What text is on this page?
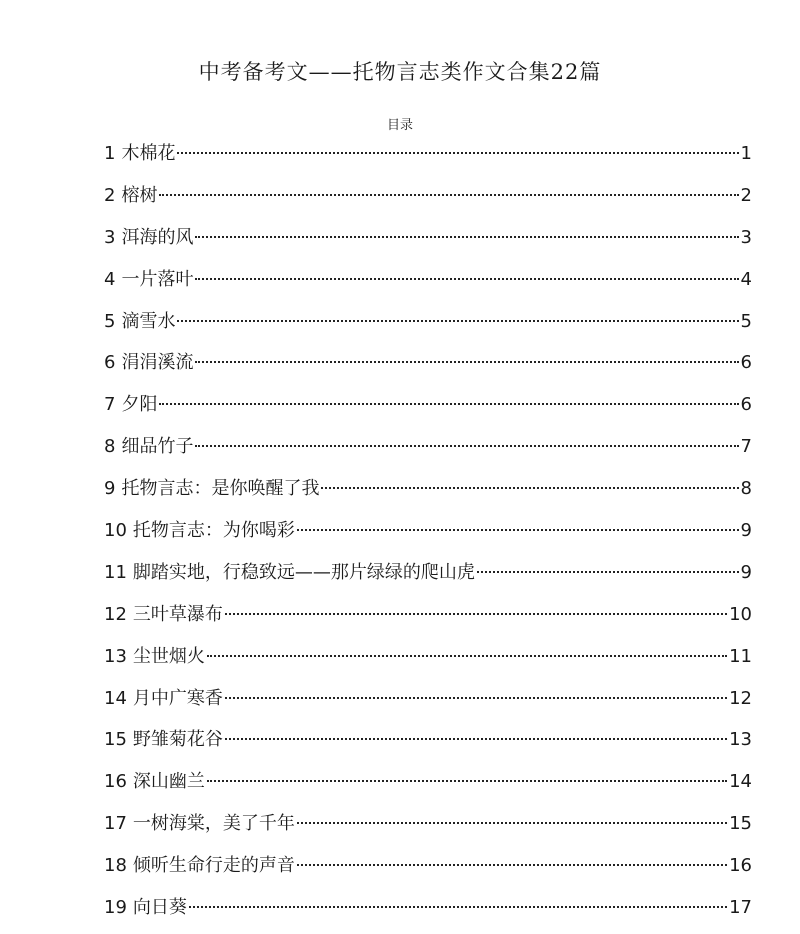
中考备考文——托物言志类作文合集22篇
目录
1 木棉花	1
2 榕树	2
3 洱海的风	3
4 一片落叶	4
5 滴雪水	5
6 涓涓溪流	6
7 夕阳	6
8 细品竹子	7
9 托物言志：是你唤醒了我	8
10 托物言志：为你喝彩	9
11 脚踏实地，行稳致远——那片绿绿的爬山虎	9
12 三叶草瀑布	10
13 尘世烟火	11
14 月中广寒香	12
15 野雏菊花谷	13
16 深山幽兰	14
17 一树海棠，美了千年	15
18 倾听生命行走的声音	16
19 向日葵	17
